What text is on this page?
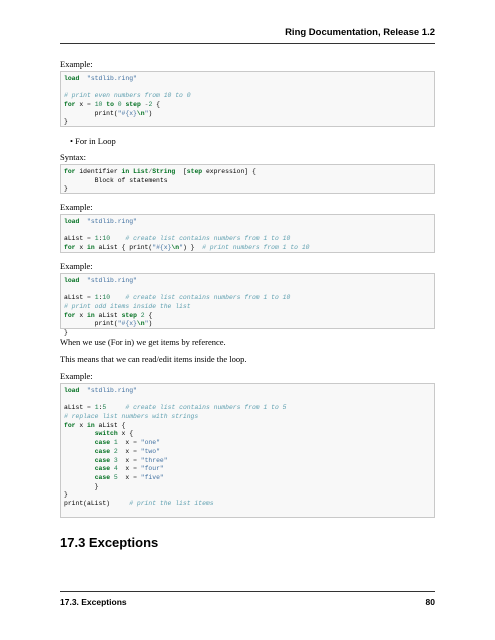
Ring Documentation, Release 1.2
Example:
load "stdlib.ring"
# print even numbers from 10 to 0
for x = 10 to 0 step -2 {
print("#{x}\n")
}
• For in Loop
Syntax:
for identifier in List/String  [step expression] {
Block of statements
}
Example:
load "stdlib.ring"
aList = 1:10 # create list contains numbers from 1 to 10
for x in aList { print("#{x}\n") }  # print numbers from 1 to 10
Example:
load "stdlib.ring"
aList = 1:10 # create list contains numbers from 1 to 10
# print odd items inside the list
for x in aList step 2 {
print("#{x}\n")
}
When we use (For in) we get items by reference.
This means that we can read/edit items inside the loop.
Example:
load "stdlib.ring"
aList = 1:5	# create list contains numbers from 1 to 5
# replace list numbers with strings
for x in aList {
switch x {
case 1  x = "one"
case 2  x = "two"
case 3  x = "three"
case 4  x = "four"
case 5  x = "five"
}
}
print(aList)     # print the list items
17.3 Exceptions
17.3. Exceptions	80
